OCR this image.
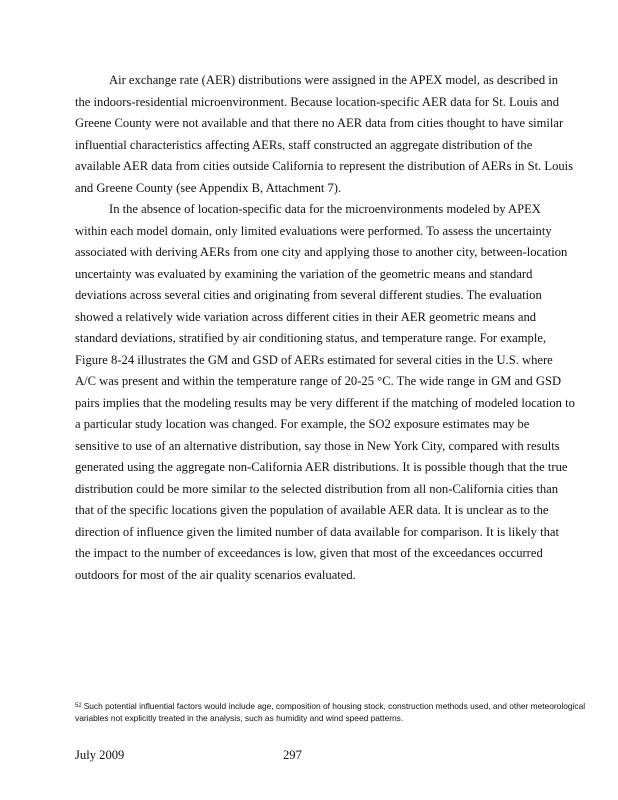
Air exchange rate (AER) distributions were assigned in the APEX model, as described in the indoors-residential microenvironment. Because location-specific AER data for St. Louis and Greene County were not available and that there no AER data from cities thought to have similar influential characteristics affecting AERs, staff constructed an aggregate distribution of the available AER data from cities outside California to represent the distribution of AERs in St. Louis and Greene County (see Appendix B, Attachment 7).

In the absence of location-specific data for the microenvironments modeled by APEX within each model domain, only limited evaluations were performed. To assess the uncertainty associated with deriving AERs from one city and applying those to another city, between-location uncertainty was evaluated by examining the variation of the geometric means and standard deviations across several cities and originating from several different studies. The evaluation showed a relatively wide variation across different cities in their AER geometric means and standard deviations, stratified by air conditioning status, and temperature range. For example, Figure 8-24 illustrates the GM and GSD of AERs estimated for several cities in the U.S. where A/C was present and within the temperature range of 20-25 °C. The wide range in GM and GSD pairs implies that the modeling results may be very different if the matching of modeled location to a particular study location was changed. For example, the SO2 exposure estimates may be sensitive to use of an alternative distribution, say those in New York City, compared with results generated using the aggregate non-California AER distributions. It is possible though that the true distribution could be more similar to the selected distribution from all non-California cities than that of the specific locations given the population of available AER data. It is unclear as to the direction of influence given the limited number of data available for comparison. It is likely that the impact to the number of exceedances is low, given that most of the exceedances occurred outdoors for most of the air quality scenarios evaluated.

$^{52}$ Such potential influential factors would include age, composition of housing stock, construction methods used, and other meteorological variables not explicitly treated in the analysis, such as humidity and wind speed patterns.

July 2009	297
